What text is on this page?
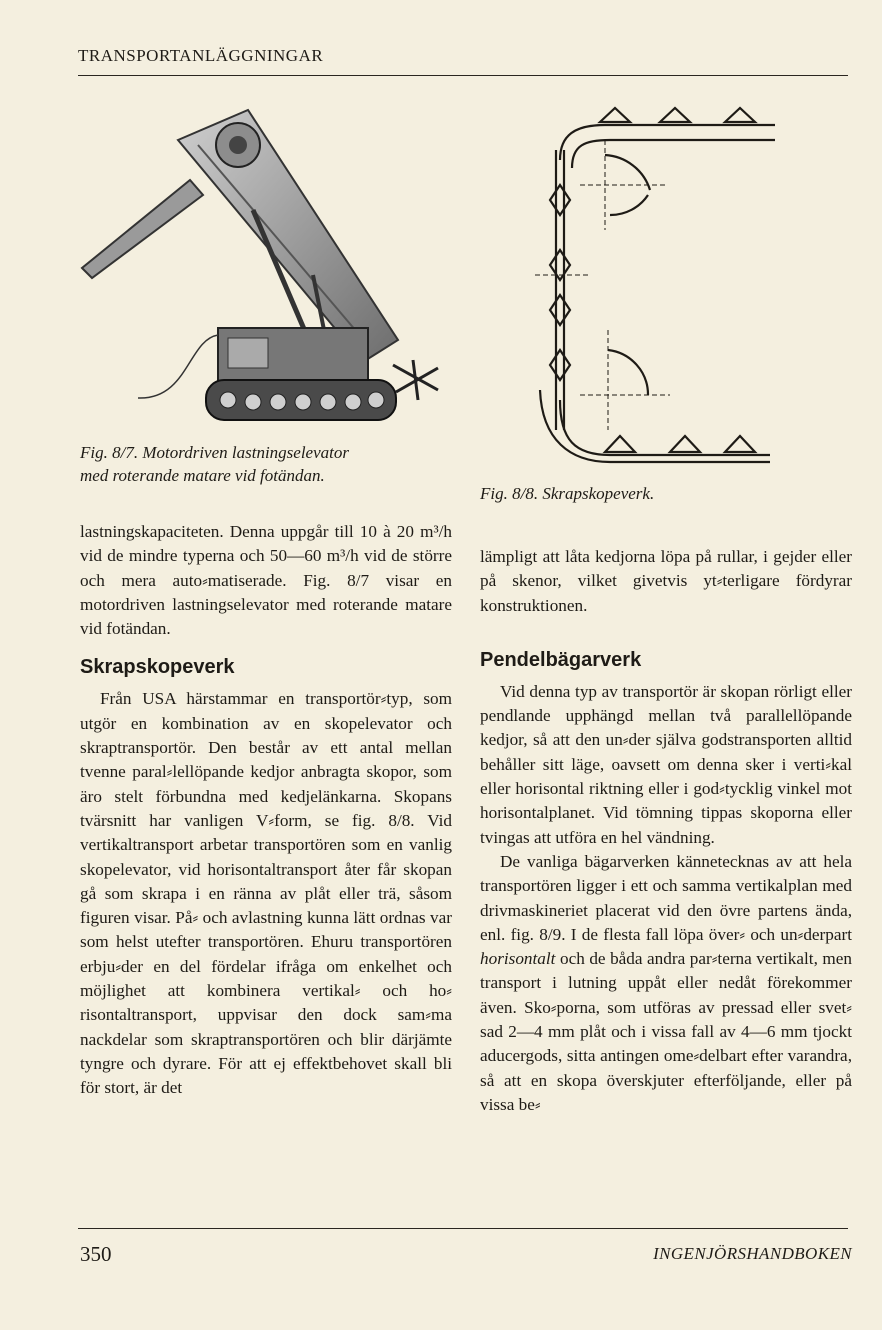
TRANSPORTANLÄGGNINGAR
Fig. 8/7. Motordriven lastningselevator
med roterande matare vid fotändan.
Fig. 8/8. Skrapskopeverk.

lastningskapaciteten. Denna uppgår till 10 à 20 m³/h vid de mindre typerna och 50—60 m³/h vid de större och mera auto⸗matiserade. Fig. 8/7 visar en motordriven lastningselevator med roterande matare vid fotändan.

Skrapskopeverk

Från USA härstammar en transportör⸗typ, som utgör en kombination av en skopelevator och skraptransportör. Den består av ett antal mellan tvenne paral⸗lellöpande kedjor anbragta skopor, som äro stelt förbundna med kedjelänkarna. Skopans tvärsnitt har vanligen V⸗form, se fig. 8/8. Vid vertikaltransport arbetar transportören som en vanlig skopelevator, vid horisontaltransport åter får skopan gå som skrapa i en ränna av plåt eller trä, såsom figuren visar. På⸗ och avlastning kunna lätt ordnas var som helst utefter transportören. Ehuru transportören erbju⸗der en del fördelar ifråga om enkelhet och möjlighet att kombinera vertikal⸗ och ho⸗risontaltransport, uppvisar den dock sam⸗ma nackdelar som skraptransportören och blir därjämte tyngre och dyrare. För att ej effektbehovet skall bli för stort, är det

lämpligt att låta kedjorna löpa på rullar, i gejder eller på skenor, vilket givetvis yt⸗terligare fördyrar konstruktionen.

Pendelbägarverk

Vid denna typ av transportör är skopan rörligt eller pendlande upphängd mellan två parallellöpande kedjor, så att den un⸗der själva godstransporten alltid behåller sitt läge, oavsett om denna sker i verti⸗kal eller horisontal riktning eller i god⸗tycklig vinkel mot horisontalplanet. Vid tömning tippas skoporna eller tvingas att utföra en hel vändning.

De vanliga bägarverken kännetecknas av att hela transportören ligger i ett och samma vertikalplan med drivmaskineriet placerat vid den övre partens ända, enl. fig. 8/9. I de flesta fall löpa över⸗ och un⸗derpart horisontalt och de båda andra par⸗terna vertikalt, men transport i lutning uppåt eller nedåt förekommer även. Sko⸗porna, som utföras av pressad eller svet⸗sad 2—4 mm plåt och i vissa fall av 4—6 mm tjockt aducergods, sitta antingen ome⸗delbart efter varandra, så att en skopa överskjuter efterföljande, eller på vissa be⸗

350	INGENJÖRSHANDBOKEN
